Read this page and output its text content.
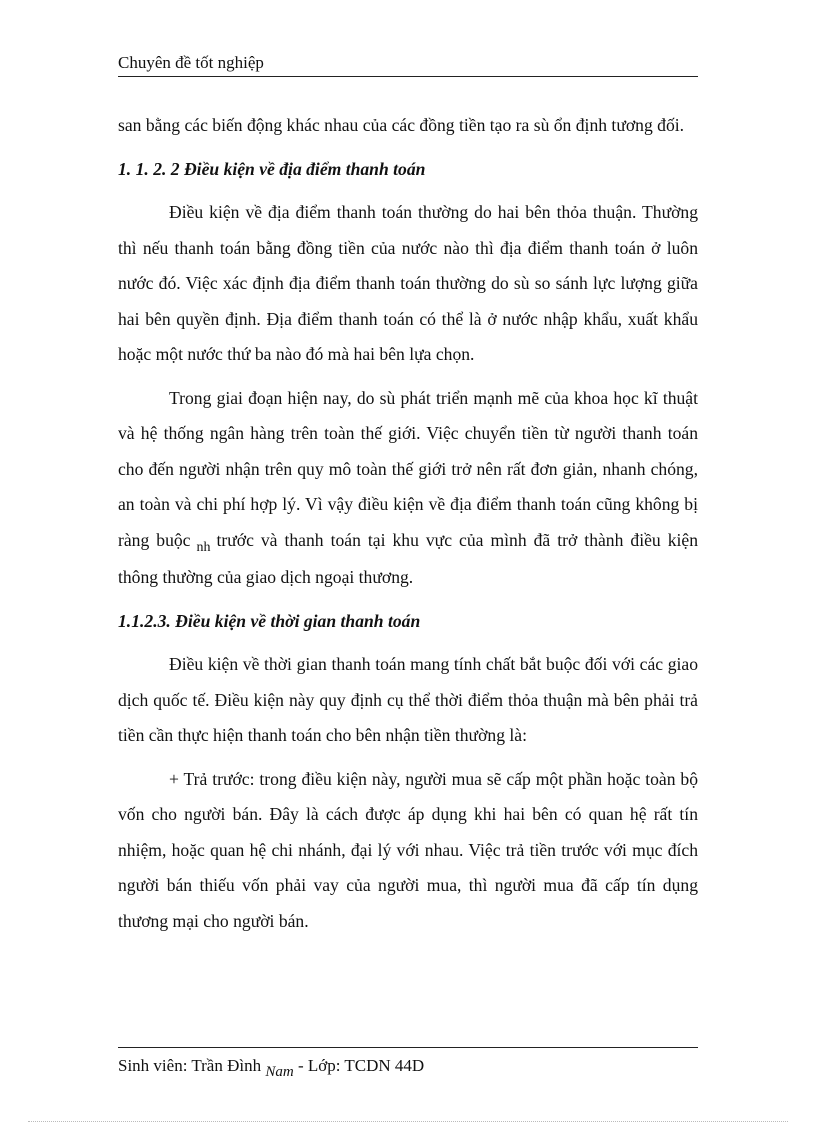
Chuyên đề tốt nghiệp

san bằng các biến động khác nhau của các đồng tiền tạo ra sù ổn định tương đối.

1. 1. 2. 2 Điều kiện về địa điểm thanh toán

Điều kiện về địa điểm thanh toán thường do hai bên thỏa thuận. Thường thì nếu thanh toán bằng đồng tiền của nước nào thì địa điểm thanh toán ở luôn nước đó. Việc xác định địa điểm thanh toán thường do sù so sánh lực lượng giữa hai bên quyền định. Địa điểm thanh toán có thể là ở nước nhập khẩu, xuất khẩu hoặc một nước thứ ba nào đó mà hai bên lựa chọn.

Trong giai đoạn hiện nay, do sù phát triển mạnh mẽ của khoa học kĩ thuật và hệ thống ngân hàng trên toàn thế giới. Việc chuyển tiền từ người thanh toán cho đến người nhận trên quy mô toàn thế giới trở nên rất đơn giản, nhanh chóng, an toàn và chi phí hợp lý. Vì vậy điều kiện về địa điểm thanh toán cũng không bị ràng buộc $_{nh}$ trước và thanh toán tại khu vực của mình đã trở thành điều kiện thông thường của giao dịch ngoại thương.

1.1.2.3. Điều kiện về thời gian thanh toán

Điều kiện về thời gian thanh toán mang tính chất bắt buộc đối với các giao dịch quốc tế. Điều kiện này quy định cụ thể thời điểm thỏa thuận mà bên phải trả tiền cần thực hiện thanh toán cho bên nhận tiền thường là:

+ Trả trước: trong điều kiện này, người mua sẽ cấp một phần hoặc toàn bộ vốn cho người bán. Đây là cách được áp dụng khi hai bên có quan hệ rất tín nhiệm, hoặc quan hệ chi nhánh, đại lý với nhau. Việc trả tiền trước với mục đích người bán thiếu vốn phải vay của người mua, thì người mua đã cấp tín dụng thương mại cho người bán.

Sinh viên: Trần Đình Nam - Lớp: TCDN 44D
